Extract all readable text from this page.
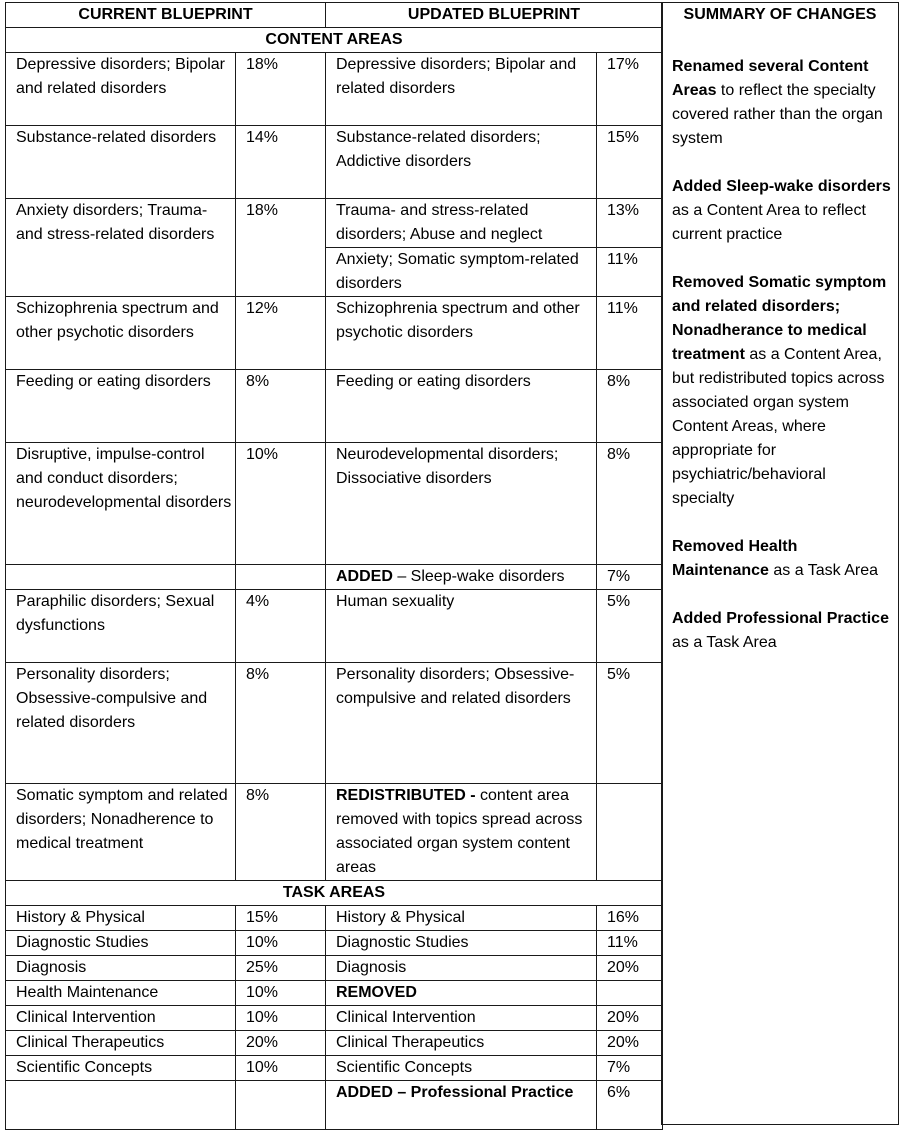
CURRENT BLUEPRINT		UPDATED BLUEPRINT	
CONTENT AREAS			
Depressive disorders; Bipolar and related disorders	18%	Depressive disorders; Bipolar and related disorders	17%
Substance-related disorders	14%	Substance-related disorders; Addictive disorders	15%
Anxiety disorders; Trauma- and stress-related disorders	18%	Trauma- and stress-related disorders; Abuse and neglect	13%
		Anxiety; Somatic symptom-related disorders	11%
Schizophrenia spectrum and other psychotic disorders	12%	Schizophrenia spectrum and other psychotic disorders	11%
Feeding or eating disorders	8%	Feeding or eating disorders	8%
Disruptive, impulse-control and conduct disorders; neurodevelopmental disorders	10%	Neurodevelopmental disorders; Dissociative disorders	8%
		ADDED – Sleep-wake disorders	7%
Paraphilic disorders; Sexual dysfunctions	4%	Human sexuality	5%
Personality disorders; Obsessive-compulsive and related disorders	8%	Personality disorders; Obsessive-compulsive and related disorders	5%
Somatic symptom and related disorders; Nonadherence to medical treatment	8%	REDISTRIBUTED - content area removed with topics spread across associated organ system content areas	
TASK AREAS			
History & Physical	15%	History & Physical	16%
Diagnostic Studies	10%	Diagnostic Studies	11%
Diagnosis	25%	Diagnosis	20%
Health Maintenance	10%	REMOVED	
Clinical Intervention	10%	Clinical Intervention	20%
Clinical Therapeutics	20%	Clinical Therapeutics	20%
Scientific Concepts	10%	Scientific Concepts	7%
		ADDED – Professional Practice	6%
SUMMARY OF CHANGES

Renamed several Content Areas to reflect the specialty covered rather than the organ system

Added Sleep-wake disorders as a Content Area to reflect current practice

Removed Somatic symptom and related disorders; Nonadherance to medical treatment as a Content Area, but redistributed topics across associated organ system Content Areas, where appropriate for psychiatric/behavioral specialty

Removed Health Maintenance as a Task Area

Added Professional Practice as a Task Area
